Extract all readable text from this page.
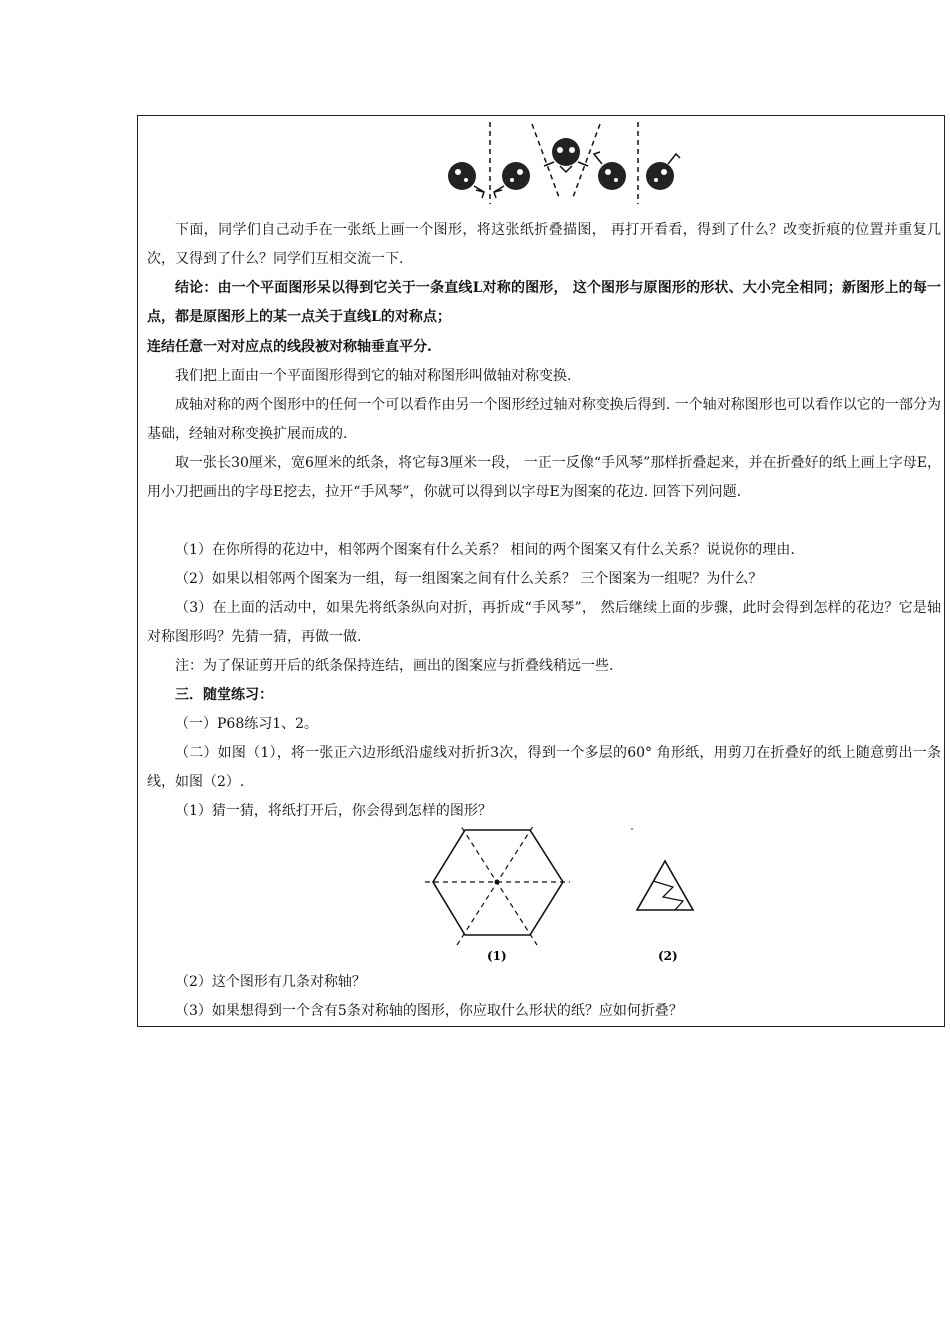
下面，同学们自己动手在一张纸上画一个图形，将这张纸折叠描图， 再打开看看，得到了什么？改变折痕的位置并重复几次，又得到了什么？同学们互相交流一下.
结论：由一个平面图形呆以得到它关于一条直线L对称的图形， 这个图形与原图形的形状、大小完全相同；新图形上的每一点，都是原图形上的某一点关于直线L的对称点；
连结任意一对对应点的线段被对称轴垂直平分.
我们把上面由一个平面图形得到它的轴对称图形叫做轴对称变换.
成轴对称的两个图形中的任何一个可以看作由另一个图形经过轴对称变换后得到. 一个轴对称图形也可以看作以它的一部分为基础，经轴对称变换扩展而成的.
取一张长30厘米，宽6厘米的纸条，将它每3厘米一段， 一正一反像“手风琴”那样折叠起来，并在折叠好的纸上画上字母E，用小刀把画出的字母E挖去，拉开“手风琴”，你就可以得到以字母E为图案的花边. 回答下列问题.
（1）在你所得的花边中，相邻两个图案有什么关系？ 相间的两个图案又有什么关系？说说你的理由.
（2）如果以相邻两个图案为一组，每一组图案之间有什么关系？ 三个图案为一组呢？为什么？
（3）在上面的活动中，如果先将纸条纵向对折，再折成“手风琴”， 然后继续上面的步骤，此时会得到怎样的花边？它是轴对称图形吗？先猜一猜，再做一做.
注：为了保证剪开后的纸条保持连结，画出的图案应与折叠线稍远一些.
三．随堂练习：
（一）P68练习1、2。
（二）如图（1），将一张正六边形纸沿虚线对折折3次，得到一个多层的60° 角形纸，用剪刀在折叠好的纸上随意剪出一条线，如图（2）.
（1）猜一猜，将纸打开后，你会得到怎样的图形？
(1)	(2)
（2）这个图形有几条对称轴？
（3）如果想得到一个含有5条对称轴的图形，你应取什么形状的纸？应如何折叠？
